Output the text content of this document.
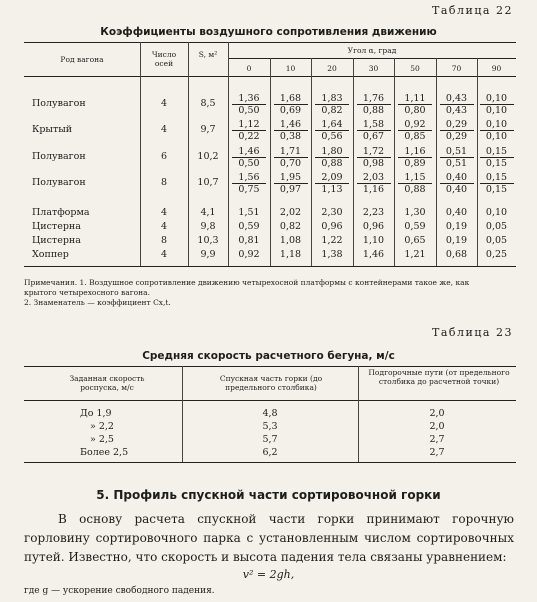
Таблица 22
Коэффициенты воздушного сопротивления движению
Род вагона
Число осей
S, м²	Угол α, град
0	10	20	30	50	70	90
Полувагон	4	8,5	$\frac{1,36}{0,50} \frac{1,68}{0,69} \frac{1,83}{0,82} \frac{1,76}{0,88} \frac{1,11}{0,80} \frac{0,43}{0,43} \frac{0,10}{0,10}$
Крытый	4	9,7	$\frac{1,12}{0,22} \frac{1,46}{0,38} \frac{1,64}{0,56} \frac{1,58}{0,67} \frac{0,92}{0,85} \frac{0,29}{0,29} \frac{0,10}{0,10}$
Полувагон	6	10,2	$\frac{1,46}{0,50} \frac{1,71}{0,70} \frac{1,80}{0,88} \frac{1,72}{0,98} \frac{1,16}{0,89} \frac{0,51}{0,51} \frac{0,15}{0,15}$
Полувагон	8	10,7	$\frac{1,56}{0,75} \frac{1,95}{0,97} \frac{2,09}{1,13} \frac{2,03}{1,16} \frac{1,15}{0,88} \frac{0,40}{0,40} \frac{0,15}{0,15}$
Платформа	4	4,1	1,51	2,02	2,30	2,23	1,30	0,40	0,10
Цистерна	4	9,8	0,59	0,82	0,96	0,96	0,59	0,19	0,05
Цистерна	8	10,3	0,81	1,08	1,22	1,10	0,65	0,19	0,05
Хоппер	4	9,9	0,92	1,18	1,38	1,46	1,21	0,68	0,25
Примечания. 1. Воздушное сопротивление движению четырехосной платформы с контейнерами такое же, как
крытого четырехосного вагона.
2. Знаменатель — коэффициент Cx,t.
Таблица 23
Средняя скорость расчетного бегуна, м/с
Заданная скорость роспуска, м/с
Спускная часть горки (до предельного столбика)
Подгорочные пути (от предельного столбика до расчетной точки)
До 1,9	4,8	2,0
» 2,2	5,3	2,0
» 2,5	5,7	2,7
Более 2,5	6,2	2,7
5. Профиль спускной части сортировочной горки
В основу расчета спускной части горки принимают горочную горловину сортировочного парка с установленным числом сортировочных путей. Известно, что скорость и высота падения тела связаны уравнением:
v² = 2gh,
где g — ускорение свободного падения.
